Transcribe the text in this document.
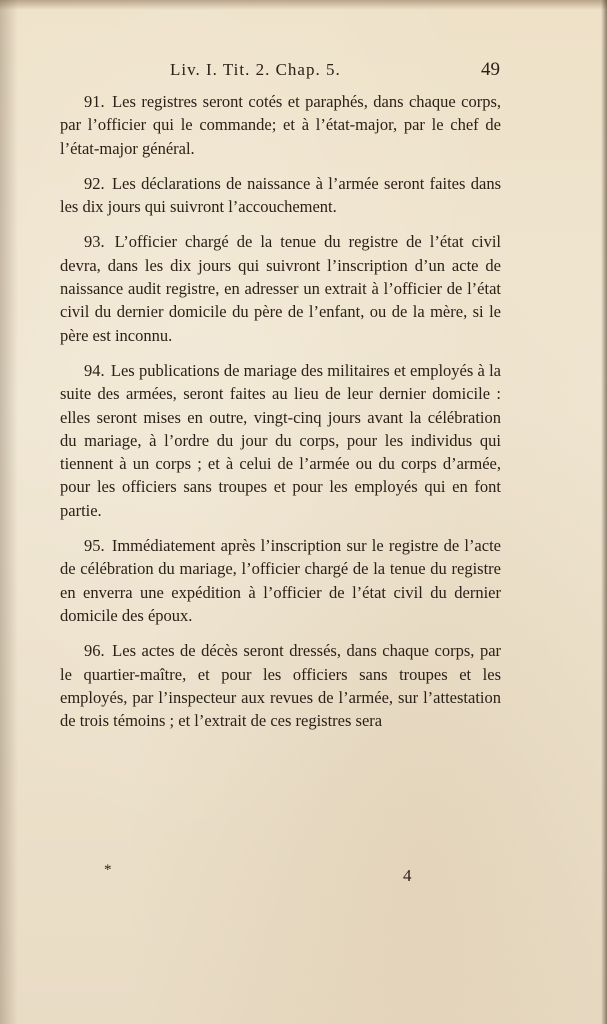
Liv. I. Tit. 2. Chap. 5.	49

91. Les registres seront cotés et paraphés, dans chaque corps, par l’officier qui le commande; et à l’état-major, par le chef de l’état-major général.

92. Les déclarations de naissance à l’armée seront faites dans les dix jours qui suivront l’accouchement.

93. L’officier chargé de la tenue du registre de l’état civil devra, dans les dix jours qui suivront l’inscription d’un acte de naissance audit registre, en adresser un extrait à l’officier de l’état civil du dernier domicile du père de l’enfant, ou de la mère, si le père est inconnu.

94. Les publications de mariage des militaires et employés à la suite des armées, seront faites au lieu de leur dernier domicile : elles seront mises en outre, vingt-cinq jours avant la célébration du mariage, à l’ordre du jour du corps, pour les individus qui tiennent à un corps ; et à celui de l’armée ou du corps d’armée, pour les officiers sans troupes et pour les employés qui en font partie.

95. Immédiatement après l’inscription sur le registre de l’acte de célébration du mariage, l’officier chargé de la tenue du registre en enverra une expédition à l’officier de l’état civil du dernier domicile des époux.

96. Les actes de décès seront dressés, dans chaque corps, par le quartier-maître, et pour les officiers sans troupes et les employés, par l’inspecteur aux revues de l’armée, sur l’attestation de trois témoins ; et l’extrait de ces registres sera

*	4
